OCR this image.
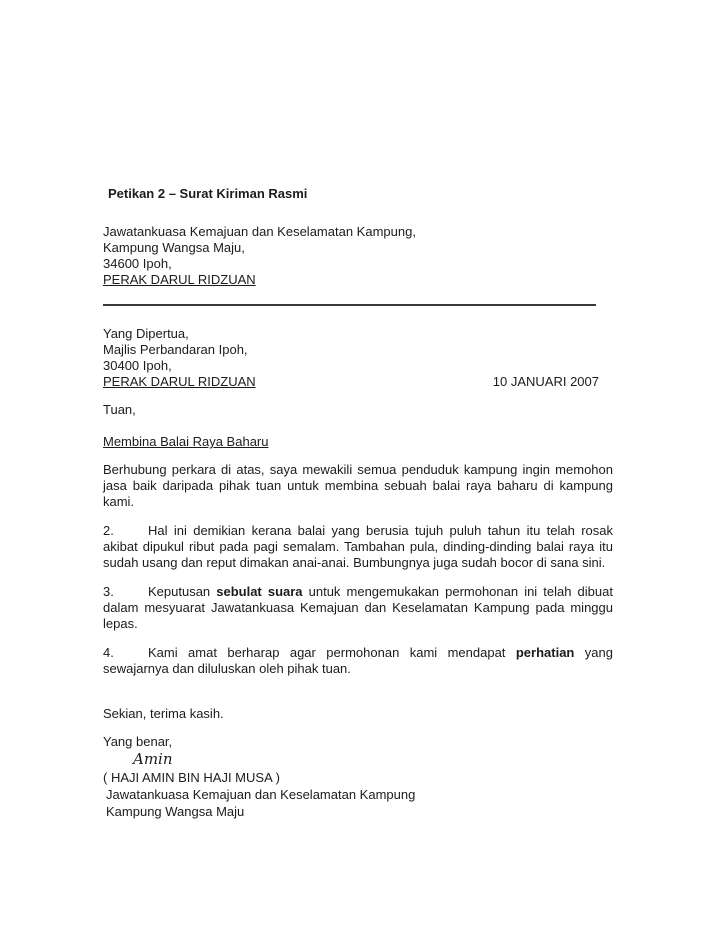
Petikan 2 – Surat Kiriman Rasmi
Jawatankuasa Kemajuan dan Keselamatan Kampung,
Kampung Wangsa Maju,
34600 Ipoh,
PERAK DARUL RIDZUAN
Yang Dipertua,
Majlis Perbandaran Ipoh,
30400 Ipoh,
PERAK DARUL RIDZUAN	10 JANUARI 2007
Tuan,
Membina Balai Raya Baharu
Berhubung perkara di atas, saya mewakili semua penduduk kampung ingin memohon jasa baik daripada pihak tuan untuk membina sebuah balai raya baharu di kampung kami.
2.	Hal ini demikian kerana balai yang berusia tujuh puluh tahun itu telah rosak akibat dipukul ribut pada pagi semalam. Tambahan pula, dinding-dinding balai raya itu sudah usang dan reput dimakan anai-anai. Bumbungnya juga sudah bocor di sana sini.
3.	Keputusan sebulat suara untuk mengemukakan permohonan ini telah dibuat dalam mesyuarat Jawatankuasa Kemajuan dan Keselamatan Kampung pada minggu lepas.
4.	Kami amat berharap agar permohonan kami mendapat perhatian yang sewajarnya dan diluluskan oleh pihak tuan.
Sekian, terima kasih.
Yang benar,
Amin
( HAJI AMIN BIN HAJI MUSA )
Jawatankuasa Kemajuan dan Keselamatan Kampung
Kampung Wangsa Maju
